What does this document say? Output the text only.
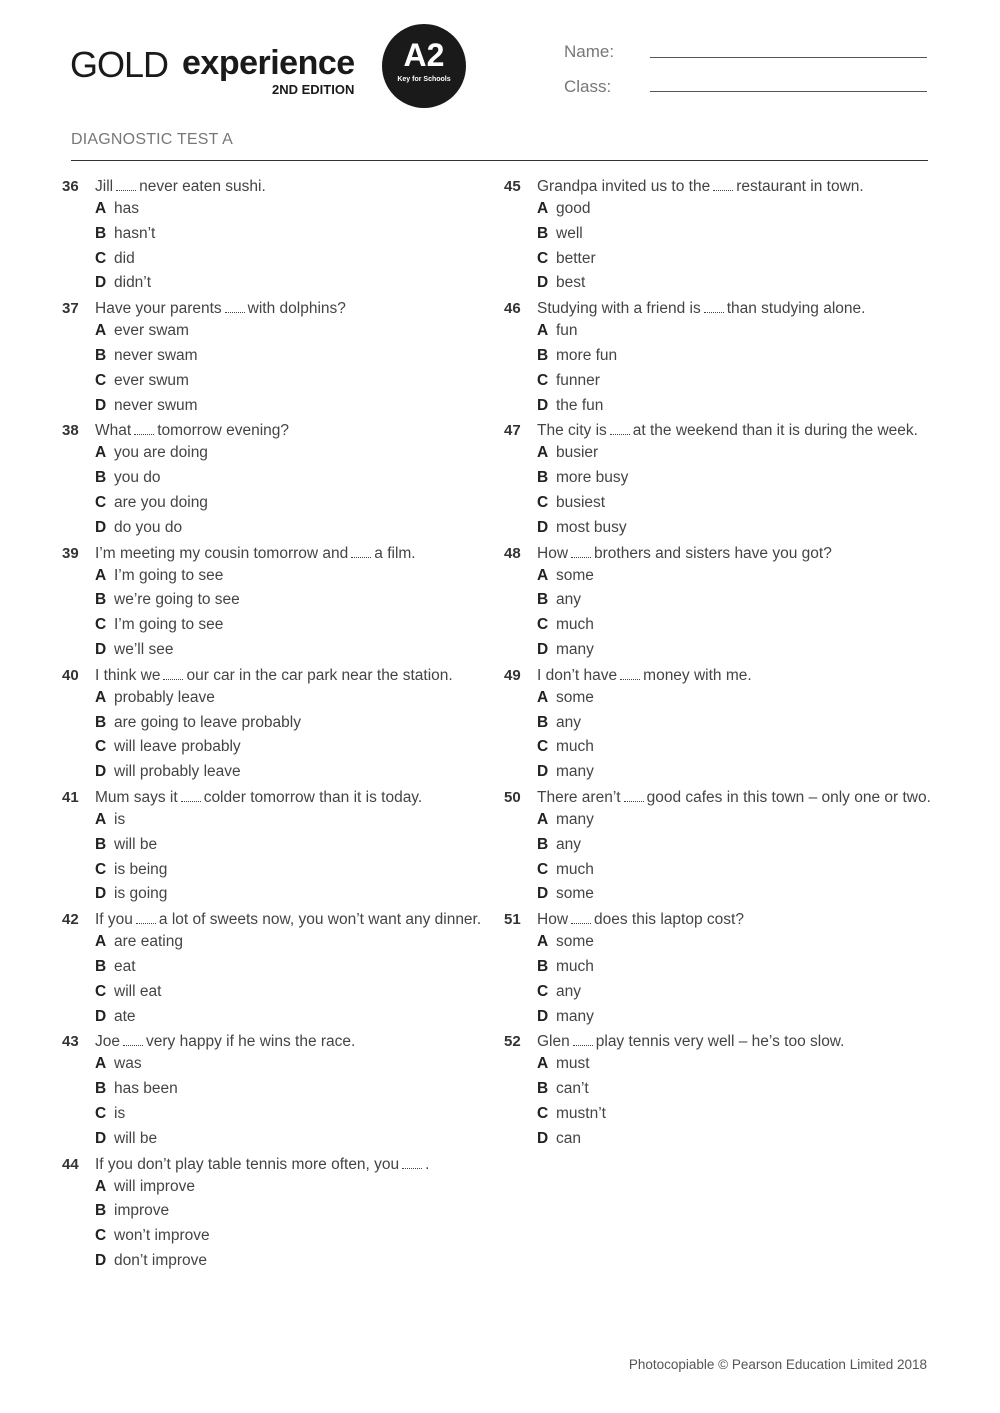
GOLD experience
2ND EDITION
A2
Key for Schools
Name:
Class:
DIAGNOSTIC TEST A
36	Jill never eaten sushi.
A has
B hasn’t
C did
D didn’t
37	Have your parents with dolphins?
A ever swam
B never swam
C ever swum
D never swum
38	What tomorrow evening?
A you are doing
B you do
C are you doing
D do you do
39	I’m meeting my cousin tomorrow and a film.
A I’m going to see
B we’re going to see
C I’m going to see
D we’ll see
40	I think we our car in the car park near the station.
A probably leave
B are going to leave probably
C will leave probably
D will probably leave
41	Mum says it colder tomorrow than it is today.
A is
B will be
C is being
D is going
42	If you a lot of sweets now, you won’t want any dinner.
A are eating
B eat
C will eat
D ate
43	Joe very happy if he wins the race.
A was
B has been
C is
D will be
44	If you don’t play table tennis more often, you .
A will improve
B improve
C won’t improve
D don’t improve
45	Grandpa invited us to the restaurant in town.
A good
B well
C better
D best
46	Studying with a friend is than studying alone.
A fun
B more fun
C funner
D the fun
47	The city is at the weekend than it is during the week.
A busier
B more busy
C busiest
D most busy
48	How brothers and sisters have you got?
A some
B any
C much
D many
49	I don’t have money with me.
A some
B any
C much
D many
50	There aren’t good cafes in this town – only one or two.
A many
B any
C much
D some
51	How does this laptop cost?
A some
B much
C any
D many
52	Glen play tennis very well – he’s too slow.
A must
B can’t
C mustn’t
D can
Photocopiable © Pearson Education Limited 2018
